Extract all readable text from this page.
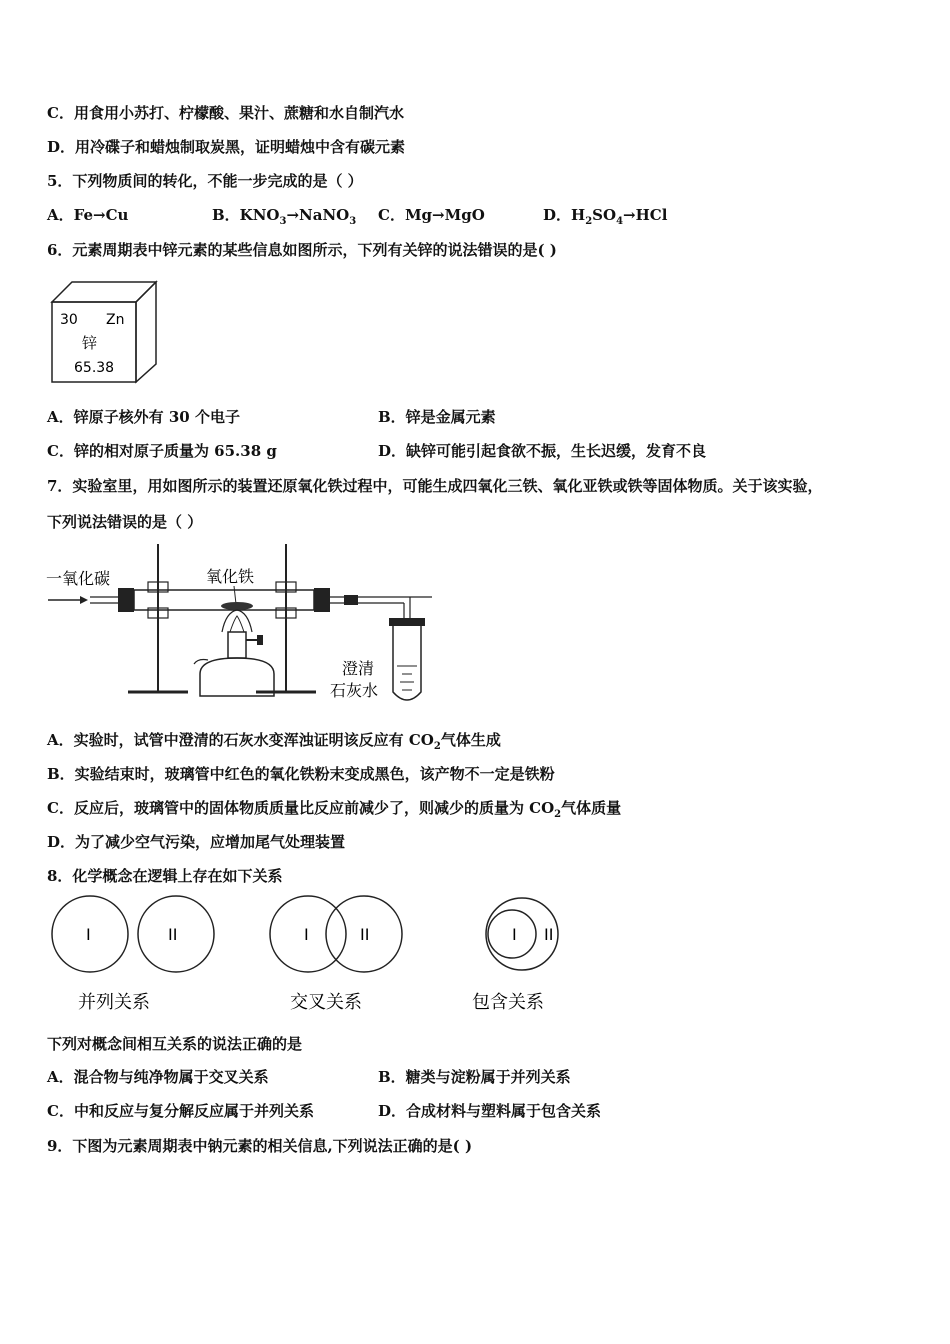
C．用食用小苏打、柠檬酸、果汁、蔗糖和水自制汽水
D．用冷碟子和蜡烛制取炭黑，证明蜡烛中含有碳元素
5．下列物质间的转化，不能一步完成的是（ ）
A．Fe→Cu	B．$KNO_3\to NaNO_3$ C．Mg→MgO	D．$H_2SO_4\to HCl$
6．元素周期表中锌元素的某些信息如图所示，下列有关锌的说法错误的是( )
30 Zn
锌
65.38
A．锌原子核外有 30 个电子	B．锌是金属元素
C．锌的相对原子质量为 65.38 g	D．缺锌可能引起食欲不振，生长迟缓，发育不良
7．实验室里，用如图所示的装置还原氧化铁过程中，可能生成四氧化三铁、氧化亚铁或铁等固体物质。关于该实验，
下列说法错误的是（ ）
一氧化碳	氧化铁
澄清
石灰水
A．实验时，试管中澄清的石灰水变浑浊证明该反应有 $CO_2$气体生成
B．实验结束时，玻璃管中红色的氧化铁粉末变成黑色，该产物不一定是铁粉
C．反应后，玻璃管中的固体物质质量比反应前减少了，则减少的质量为 $CO_2$气体质量
D．为了减少空气污染，应增加尾气处理装置
8．化学概念在逻辑上存在如下关系
I	II
并列关系
I	II
交叉关系
I II
包含关系
下列对概念间相互关系的说法正确的是
A．混合物与纯净物属于交叉关系	B．糖类与淀粉属于并列关系
C．中和反应与复分解反应属于并列关系	D．合成材料与塑料属于包含关系
9．下图为元素周期表中钠元素的相关信息,下列说法正确的是( )
